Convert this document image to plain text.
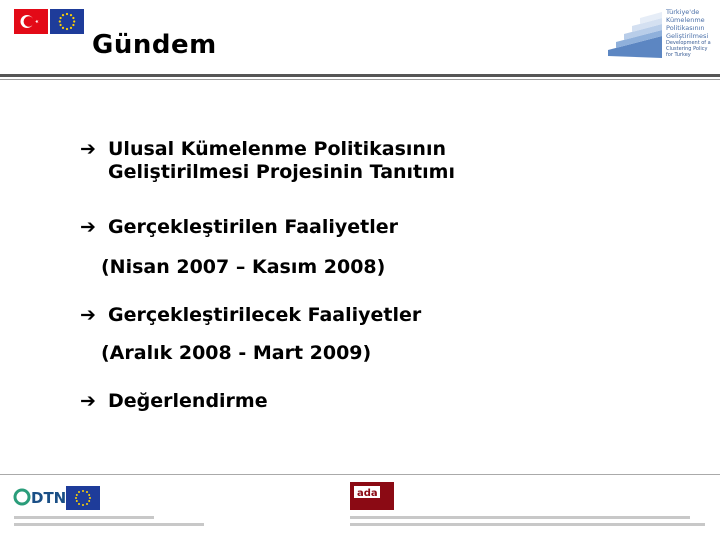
Gündem
Türkiye'de
Kümelenme
Politikasının
Geliştirilmesi
Development of a
Clustering Policy
for Turkey
➔ Ulusal Kümelenme Politikasının
Geliştirilmesi Projesinin Tanıtımı
➔ Gerçekleştirilen Faaliyetler
(Nisan 2007 – Kasım 2008)
➔ Gerçekleştirilecek Faaliyetler
(Aralık 2008 - Mart 2009)
➔ Değerlendirme
DTN	ada
